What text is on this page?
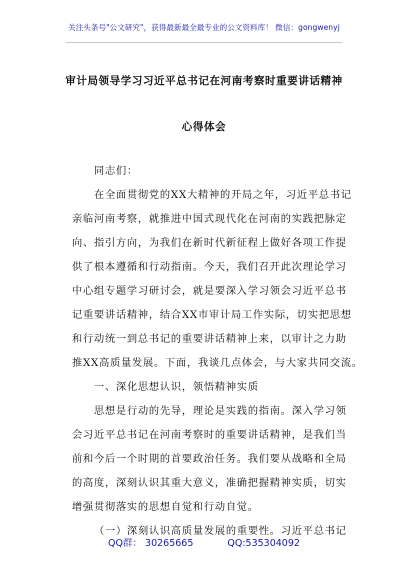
关注头条号"公文研究"，获得最新最全最专业的公文资料库！ 微信：gongwenyj
审计局领导学习习近平总书记在河南考察时重要讲话精神
心得体会
同志们：
在全面贯彻党的XX大精神的开局之年，习近平总书记
亲临河南考察，就推进中国式现代化在河南的实践把脉定
向、指引方向，为我们在新时代新征程上做好各项工作提
供了根本遵循和行动指南。今天，我们召开此次理论学习
中心组专题学习研讨会，就是要深入学习领会习近平总书
记重要讲话精神，结合XX市审计局工作实际，切实把思想
和行动统一到总书记的重要讲话精神上来，以审计之力助
推XX高质量发展。下面，我谈几点体会，与大家共同交流。
一、深化思想认识，领悟精神实质
思想是行动的先导，理论是实践的指南。深入学习领
会习近平总书记在河南考察时的重要讲话精神，是我们当
前和今后一个时期的首要政治任务。我们要从战略和全局
的高度，深刻认识其重大意义，准确把握精神实质，切实
增强贯彻落实的思想自觉和行动自觉。
（一）深刻认识高质量发展的重要性。习近平总书记
QQ群： 30265665	QQ:535304092
